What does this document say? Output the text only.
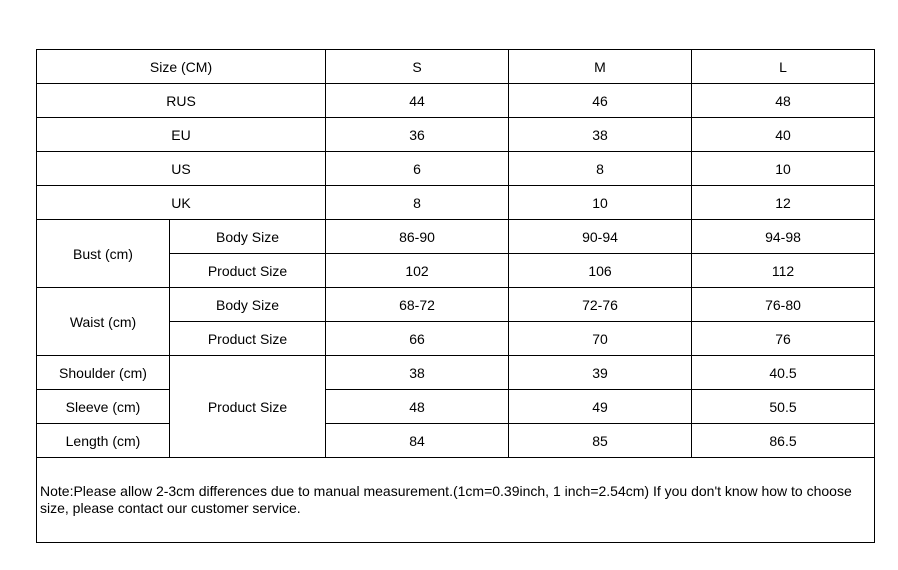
Size (CM)		S	M	L
RUS		44	46	48
EU		36	38	40
US		6	8	10
UK		8	10	12
Bust (cm)	Body Size	86-90	90-94	94-98
	Product Size	102	106	112
Waist (cm)	Body Size	68-72	72-76	76-80
	Product Size	66	70	76
Shoulder (cm)	Product Size	38	39	40.5
Sleeve (cm)		48	49	50.5
Length (cm)		84	85	86.5
Note:Please allow 2-3cm differences due to manual measurement.(1cm=0.39inch, 1 inch=2.54cm) If you don't know how to choose size, please contact our customer service.				
